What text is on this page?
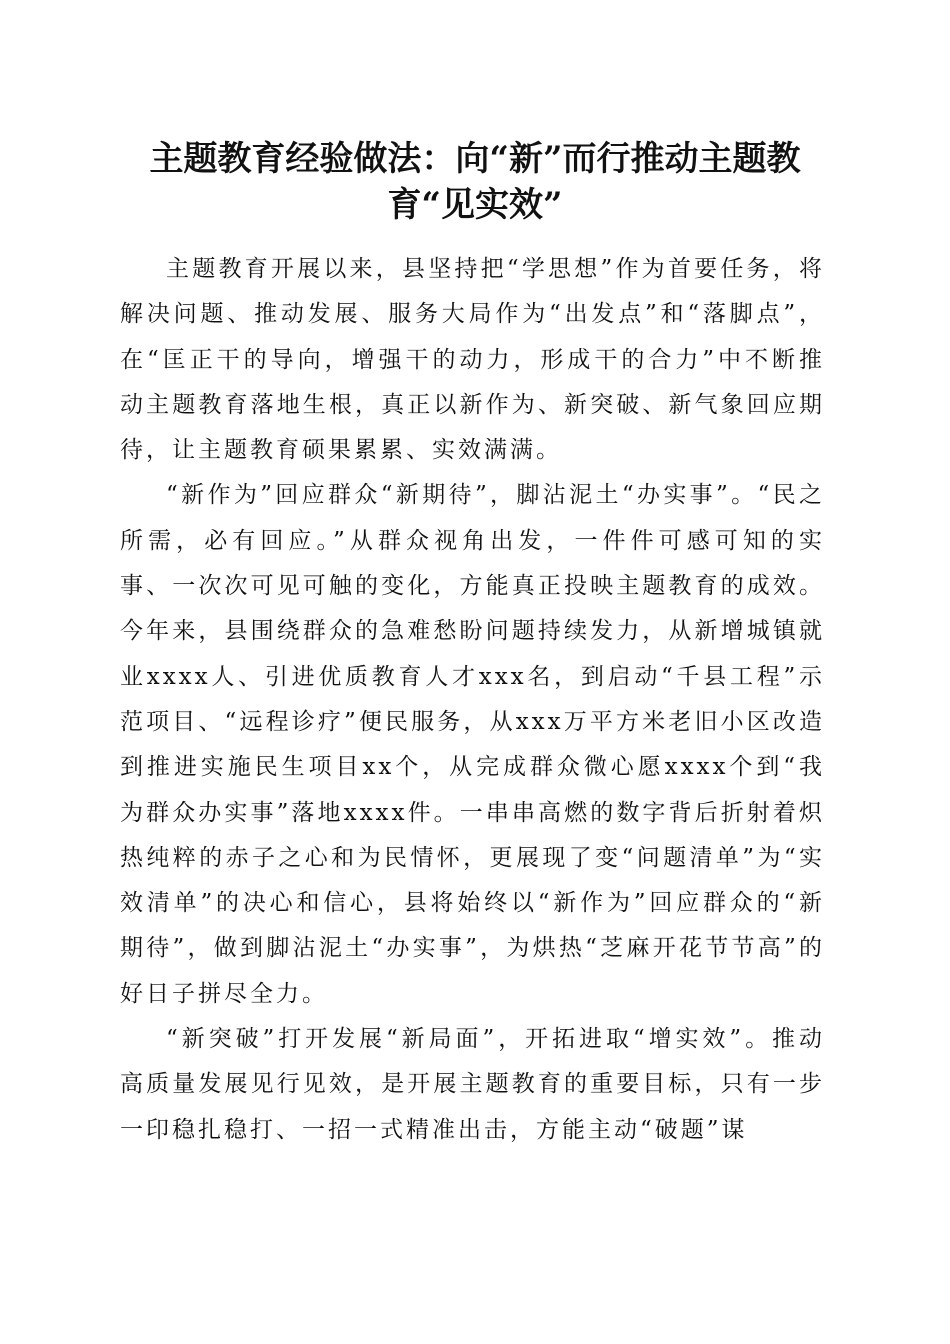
主题教育经验做法：向“新”而行推动主题教
育“见实效”

主题教育开展以来，县坚持把“学思想”作为首要任务，将解决问题、推动发展、服务大局作为“出发点”和“落脚点”，在“匡正干的导向，增强干的动力，形成干的合力”中不断推动主题教育落地生根，真正以新作为、新突破、新气象回应期待，让主题教育硕果累累、实效满满。

“新作为”回应群众“新期待”，脚沾泥土“办实事”。“民之所需，必有回应。”从群众视角出发，一件件可感可知的实事、一次次可见可触的变化，方能真正投映主题教育的成效。今年来，县围绕群众的急难愁盼问题持续发力，从新增城镇就业xxxx人、引进优质教育人才xxx名，到启动“千县工程”示范项目、“远程诊疗”便民服务，从xxx万平方米老旧小区改造到推进实施民生项目xx个，从完成群众微心愿xxxx个到“我为群众办实事”落地xxxx件。一串串高燃的数字背后折射着炽热纯粹的赤子之心和为民情怀，更展现了变“问题清单”为“实效清单”的决心和信心，县将始终以“新作为”回应群众的“新期待”，做到脚沾泥土“办实事”，为烘热“芝麻开花节节高”的好日子拼尽全力。

“新突破”打开发展“新局面”，开拓进取“增实效”。推动高质量发展见行见效，是开展主题教育的重要目标，只有一步一印稳扎稳打、一招一式精准出击，方能主动“破题”谋
